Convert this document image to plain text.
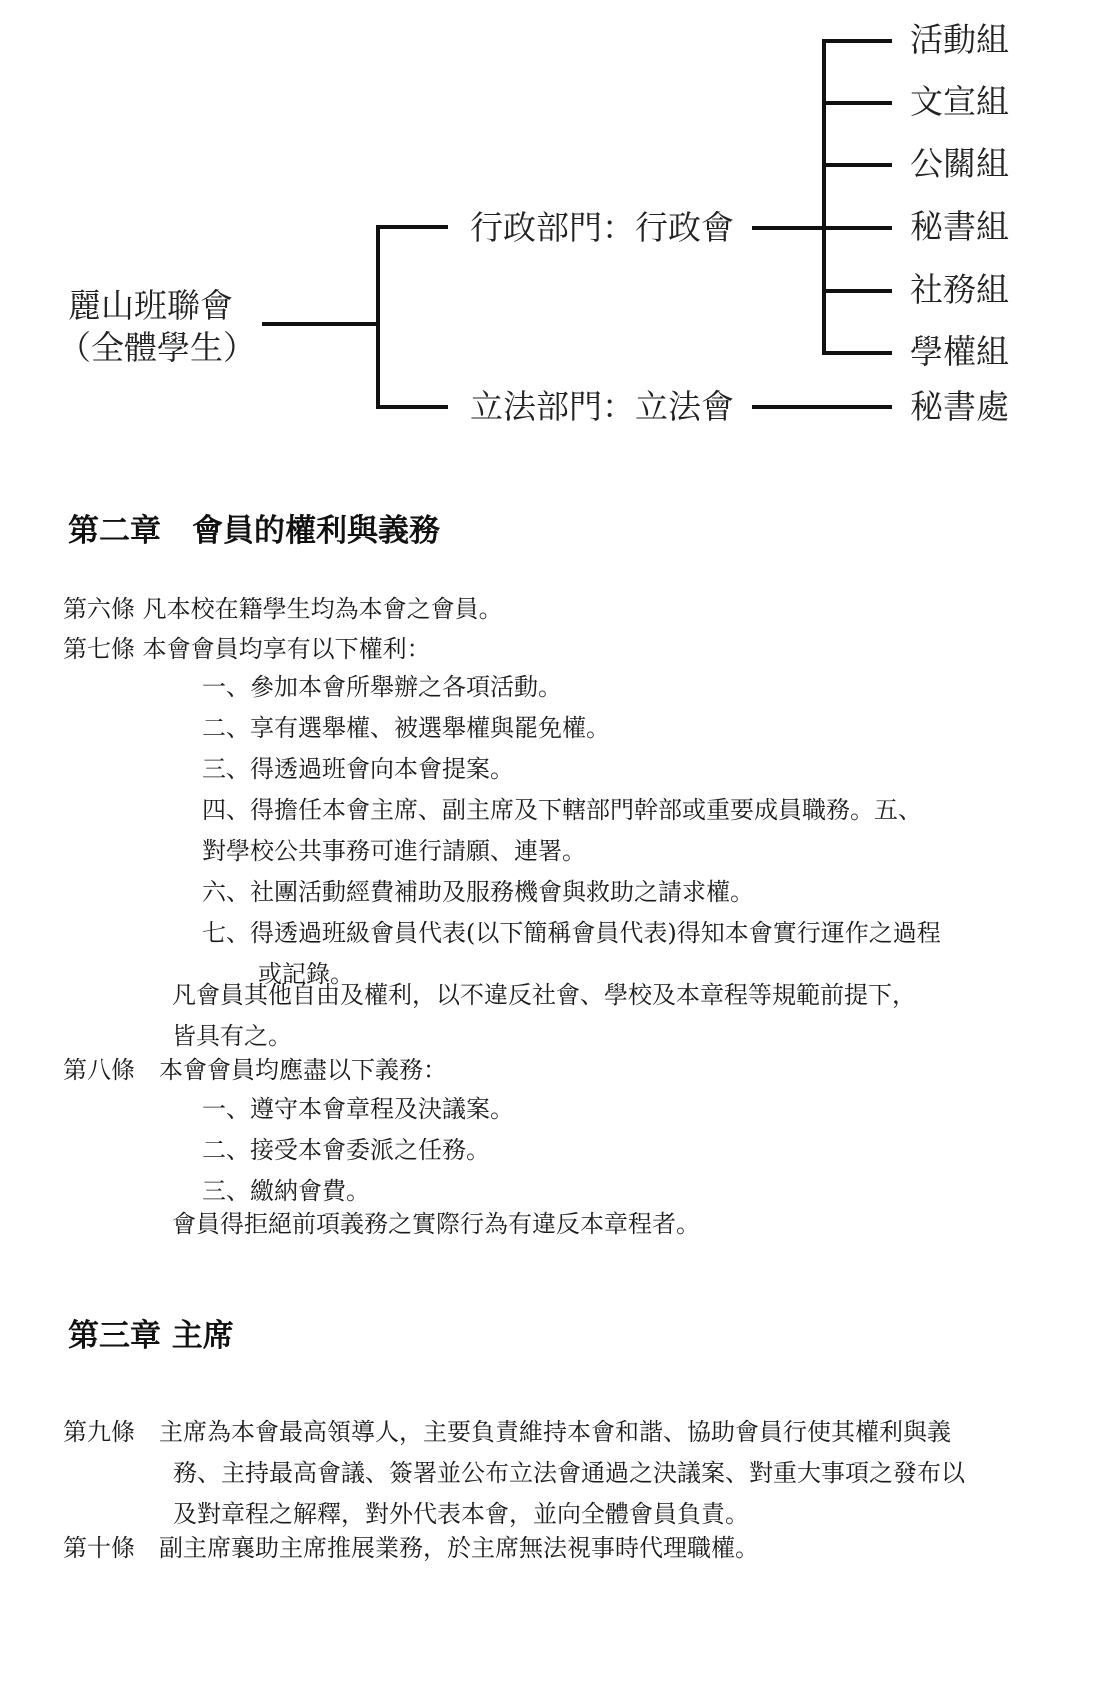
麗山班聯會
（全體學生）
行政部門：行政會
立法部門：立法會
活動組
文宣組
公關組
秘書組
社務組
學權組
秘書處
第二章　會員的權利與義務
第六條 凡本校在籍學生均為本會之會員。
第七條 本會會員均享有以下權利：
一、參加本會所舉辦之各項活動。
二、享有選舉權、被選舉權與罷免權。
三、得透過班會向本會提案。
四、得擔任本會主席、副主席及下轄部門幹部或重要成員職務。五、
對學校公共事務可進行請願、連署。
六、社團活動經費補助及服務機會與救助之請求權。
七、得透過班級會員代表(以下簡稱會員代表)得知本會實行運作之過程
或記錄。
凡會員其他自由及權利，以不違反社會、學校及本章程等規範前提下，
皆具有之。
第八條　本會會員均應盡以下義務：
一、遵守本會章程及決議案。
二、接受本會委派之任務。
三、繳納會費。
會員得拒絕前項義務之實際行為有違反本章程者。
第三章 主席
第九條　主席為本會最高領導人，主要負責維持本會和諧、協助會員行使其權利與義
務、主持最高會議、簽署並公布立法會通過之決議案、對重大事項之發布以
及對章程之解釋，對外代表本會，並向全體會員負責。
第十條　副主席襄助主席推展業務，於主席無法視事時代理職權。
